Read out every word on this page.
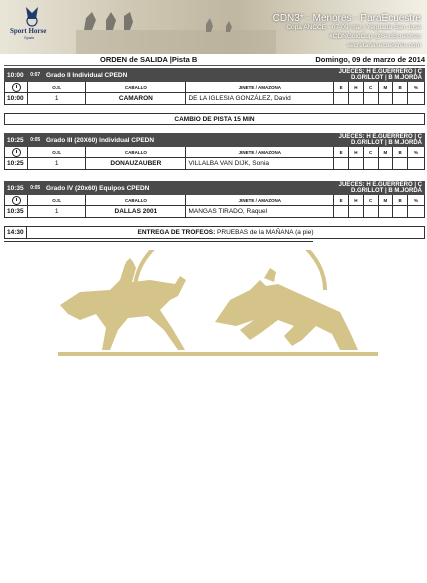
Sport Horse
Spain
CDN3* - Menores - ParaEcuestre
Copa ANCCE - 07-09 mar | Yeguada San José
#CDNGoldCup @SecEcuestres
secretariasecuestres.com
ORDEN de SALIDA |Pista B	Domingo, 09 de marzo de 2014
10:00	0:07	Grado II Individual CPEDN			JUECES: H E.GUERRERO | C D.GRILLOT | B M.JORDÁ					
	O.S.		CABALLO	JINETE / AMAZONA	E	H	C	M	B	%
10:00	1		CAMARON	DE LA IGLESIA GONZÁLEZ, David						
CAMBIO DE PISTA 15 MIN
10:25	0:05	Grado III (20X60) Individual CPEDN			JUECES: H E.GUERRERO | C D.GRILLOT | B M.JORDÁ					
	O.S.		CABALLO	JINETE / AMAZONA	E	H	C	M	B	%
10:25	1		DONAUZAUBER	VILLALBA VAN DIJK, Sonia						
10:35	0:05	Grado IV (20x60) Equipos CPEDN			JUECES: H E.GUERRERO | C D.GRILLOT | B M.JORDÁ					
	O.S.		CABALLO	JINETE / AMAZONA	E	H	C	M	B	%
10:35	1		DALLAS 2001	MANGAS TIRADO, Raquel						
14:30	ENTREGA DE TROFEOS: PRUEBAS de la MAÑANA (a pie)
